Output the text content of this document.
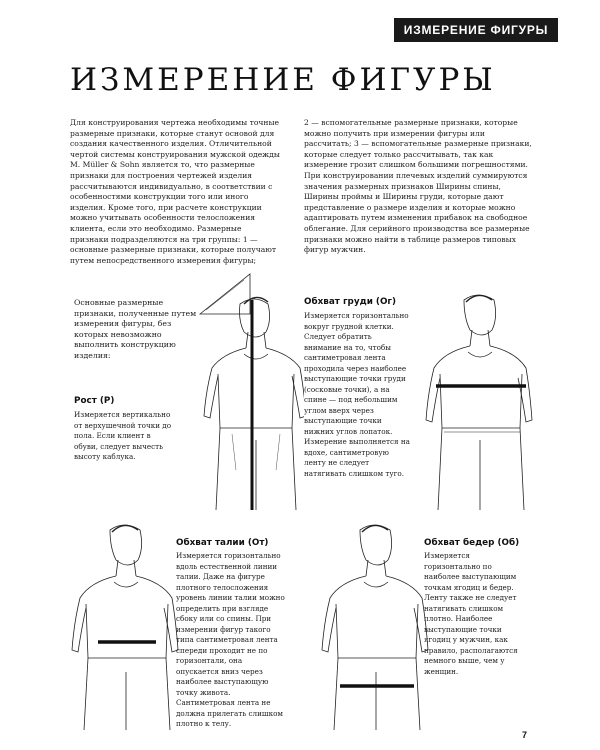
ИЗМЕРЕНИЕ ФИГУРЫ
ИЗМЕРЕНИЕ ФИГУРЫ

Для конструирования чертежа необходимы точные размерные признаки, которые станут основой для создания качественного изделия. Отличительной чертой системы конструирования мужской одежды M. Müller & Sohn является то, что размерные признаки для построения чертежей изделия рассчитываются индивидуально, в соответствии с особенностями конструкции того или иного изделия. Кроме того, при расчете конструкции можно учитывать особенности телосложения клиента, если это необходимо. Размерные признаки подразделяются на три группы: 1 — основные размерные признаки, которые получают путем непосредственного измерения фигуры;

2 — вспомогательные размерные признаки, которые можно получить при измерении фигуры или рассчитать; 3 — вспомогательные размерные признаки, которые следует только рассчитывать, так как измерение грозит слишком большими погрешностями. При конструировании плечевых изделий суммируются значения размерных признаков Ширины спины, Ширины проймы и Ширины груди, которые дают представление о размере изделия и которые можно адаптировать путем изменения прибавок на свободное облегание. Для серийного производства все размерные признаки можно найти в таблице размеров типовых фигур мужчин.

Основные размерные признаки, полученные путем измерения фигуры, без которых невозможно выполнить конструкцию изделия:
Рост (Р)
Измеряется вертикально от верхушечной точки до пола. Если клиент в обуви, следует вычесть высоту каблука.
Обхват груди (Ог)
Измеряется горизонтально вокруг грудной клетки. Следует обратить внимание на то, чтобы сантиметровая лента проходила через наиболее выступающие точки груди (сосковые точки), а на спине — под небольшим углом вверх через выступающие точки нижних углов лопаток. Измерение выполняется на вдохе, сантиметровую ленту не следует натягивать слишком туго.
Обхват талии (От)
Измеряется горизонтально вдоль естественной линии талии. Даже на фигуре плотного телосложения уровень линии талии можно определить при взгляде сбоку или со спины. При измерении фигур такого типа сантиметровая лента спереди проходит не по горизонтали, она опускается вниз через наиболее выступающую точку живота. Сантиметровая лента не должна прилегать слишком плотно к телу.
Обхват бедер (Об)
Измеряется горизонтально по наиболее выступающим точкам ягодиц и бедер. Ленту также не следует натягивать слишком плотно. Наиболее выступающие точки ягодиц у мужчин, как правило, располагаются немного выше, чем у женщин.
7
